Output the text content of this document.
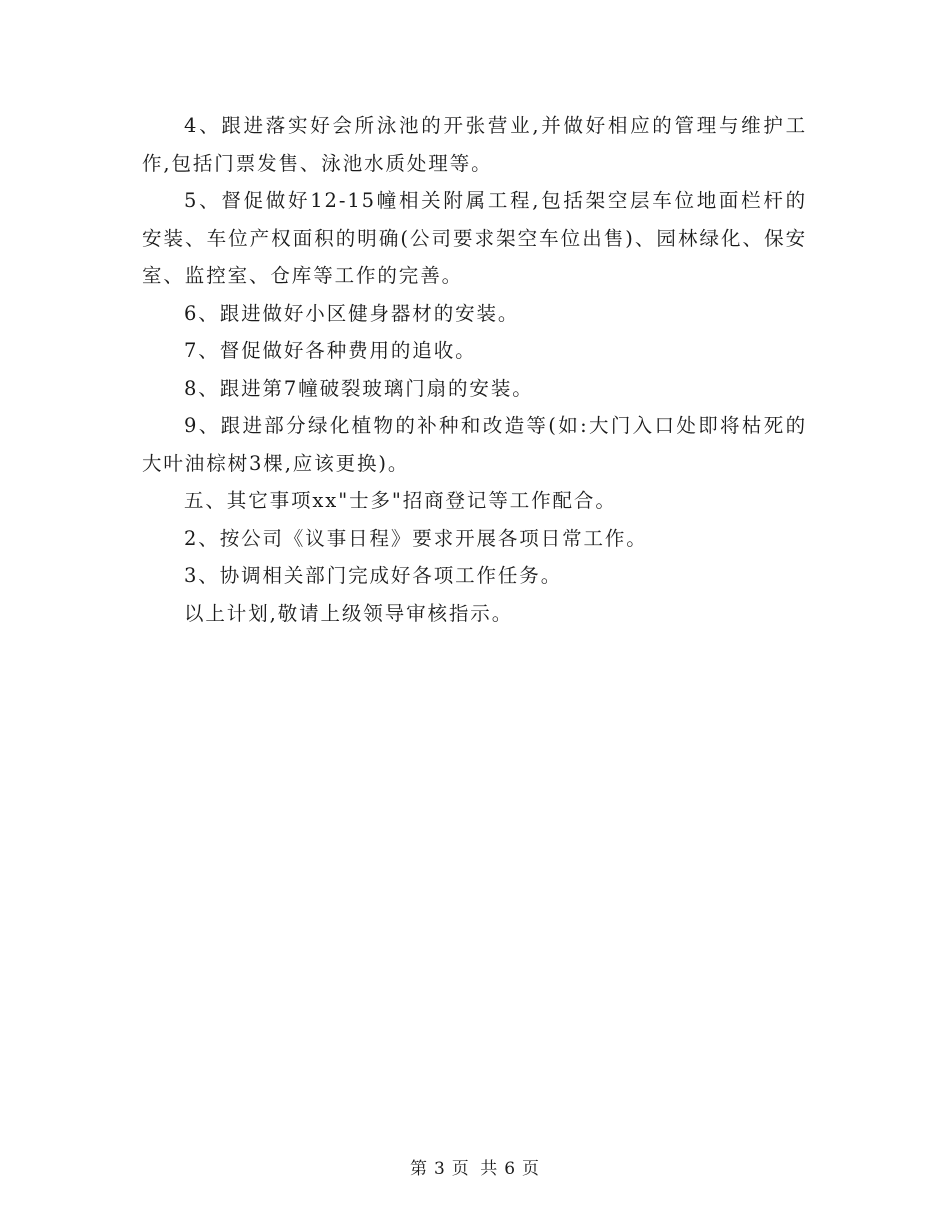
4、跟进落实好会所泳池的开张营业,并做好相应的管理与维护工作,包括门票发售、泳池水质处理等。

5、督促做好12-15幢相关附属工程,包括架空层车位地面栏杆的安装、车位产权面积的明确(公司要求架空车位出售)、园林绿化、保安室、监控室、仓库等工作的完善。

6、跟进做好小区健身器材的安装。

7、督促做好各种费用的追收。

8、跟进第7幢破裂玻璃门扇的安装。

9、跟进部分绿化植物的补种和改造等(如:大门入口处即将枯死的大叶油棕树3棵,应该更换)。

五、其它事项xx"士多"招商登记等工作配合。

2、按公司《议事日程》要求开展各项日常工作。

3、协调相关部门完成好各项工作任务。

以上计划,敬请上级领导审核指示。

第 3 页 共 6 页
